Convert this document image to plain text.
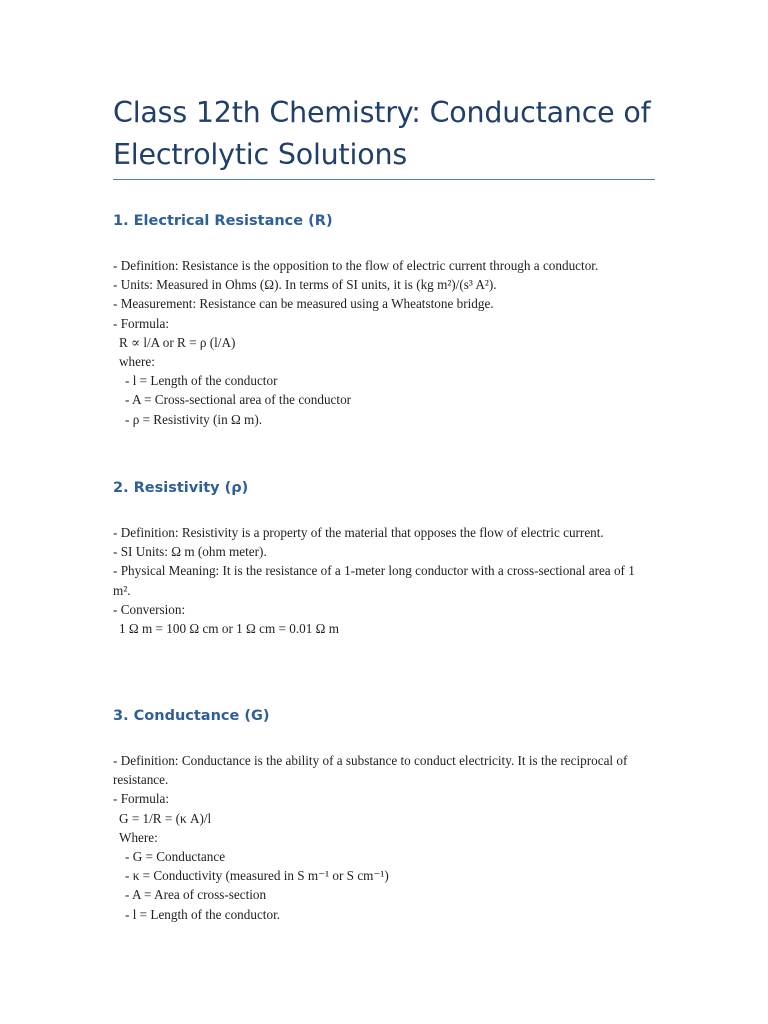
Class 12th Chemistry: Conductance of Electrolytic Solutions
1. Electrical Resistance (R)
- Definition: Resistance is the opposition to the flow of electric current through a conductor.
- Units: Measured in Ohms (Ω). In terms of SI units, it is (kg m²)/(s³ A²).
- Measurement: Resistance can be measured using a Wheatstone bridge.
- Formula:
R ∝ l/A or R = ρ (l/A)
where:
- l = Length of the conductor
- A = Cross-sectional area of the conductor
- ρ = Resistivity (in Ω m).
2. Resistivity (ρ)
- Definition: Resistivity is a property of the material that opposes the flow of electric current.
- SI Units: Ω m (ohm meter).
- Physical Meaning: It is the resistance of a 1-meter long conductor with a cross-sectional area of 1 m².
- Conversion:
1 Ω m = 100 Ω cm or 1 Ω cm = 0.01 Ω m
3. Conductance (G)
- Definition: Conductance is the ability of a substance to conduct electricity. It is the reciprocal of resistance.
- Formula:
G = 1/R = (κ A)/l
Where:
- G = Conductance
- κ = Conductivity (measured in S m⁻¹ or S cm⁻¹)
- A = Area of cross-section
- l = Length of the conductor.
